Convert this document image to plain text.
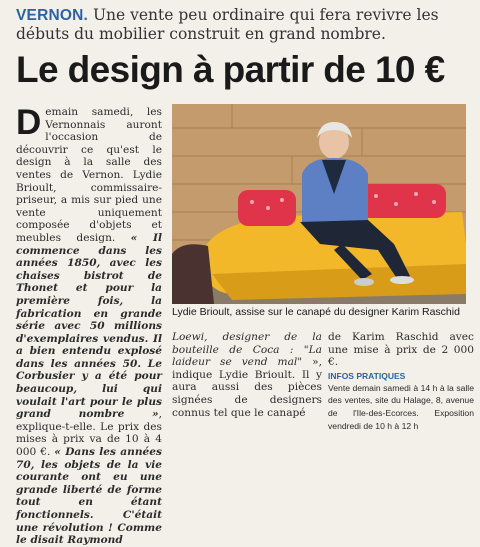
VERNON. Une vente peu ordinaire qui fera revivre les débuts du mobilier construit en grand nombre.
Le design à partir de 10 €
Demain samedi, les Vernonnais auront l'occasion de découvrir ce qu'est le design à la salle des ventes de Vernon. Lydie Brioult, commissaire-priseur, a mis sur pied une vente uniquement composée d'objets et meubles design. « Il commence dans les années 1850, avec les chaises bistrot de Thonet et pour la première fois, la fabrication en grande série avec 50 millions d'exemplaires vendus. Il a bien entendu explosé dans les années 50. Le Corbusier y a été pour beaucoup, lui qui voulait l'art pour le plus grand nombre », explique-t-elle. Le prix des mises à prix va de 10 à 4 000 €. « Dans les années 70, les objets de la vie courante ont eu une grande liberté de forme tout en étant fonctionnels. C'était une révolution ! Comme le disait Raymond
Lydie Brioult, assise sur le canapé du designer Karim Raschid
Loewi, designer de la bouteille de Coca : "La laideur se vend mal" », indique Lydie Brioult. Il y aura aussi des pièces signées de designers connus tel que le canapé
de Karim Raschid avec une mise à prix de 2 000 €.
INFOS PRATIQUES
Vente demain samedi à 14 h à la salle des ventes, site du Halage, 8, avenue de l'Ile-des-Ecorces. Exposition vendredi de 10 h à 12 h
